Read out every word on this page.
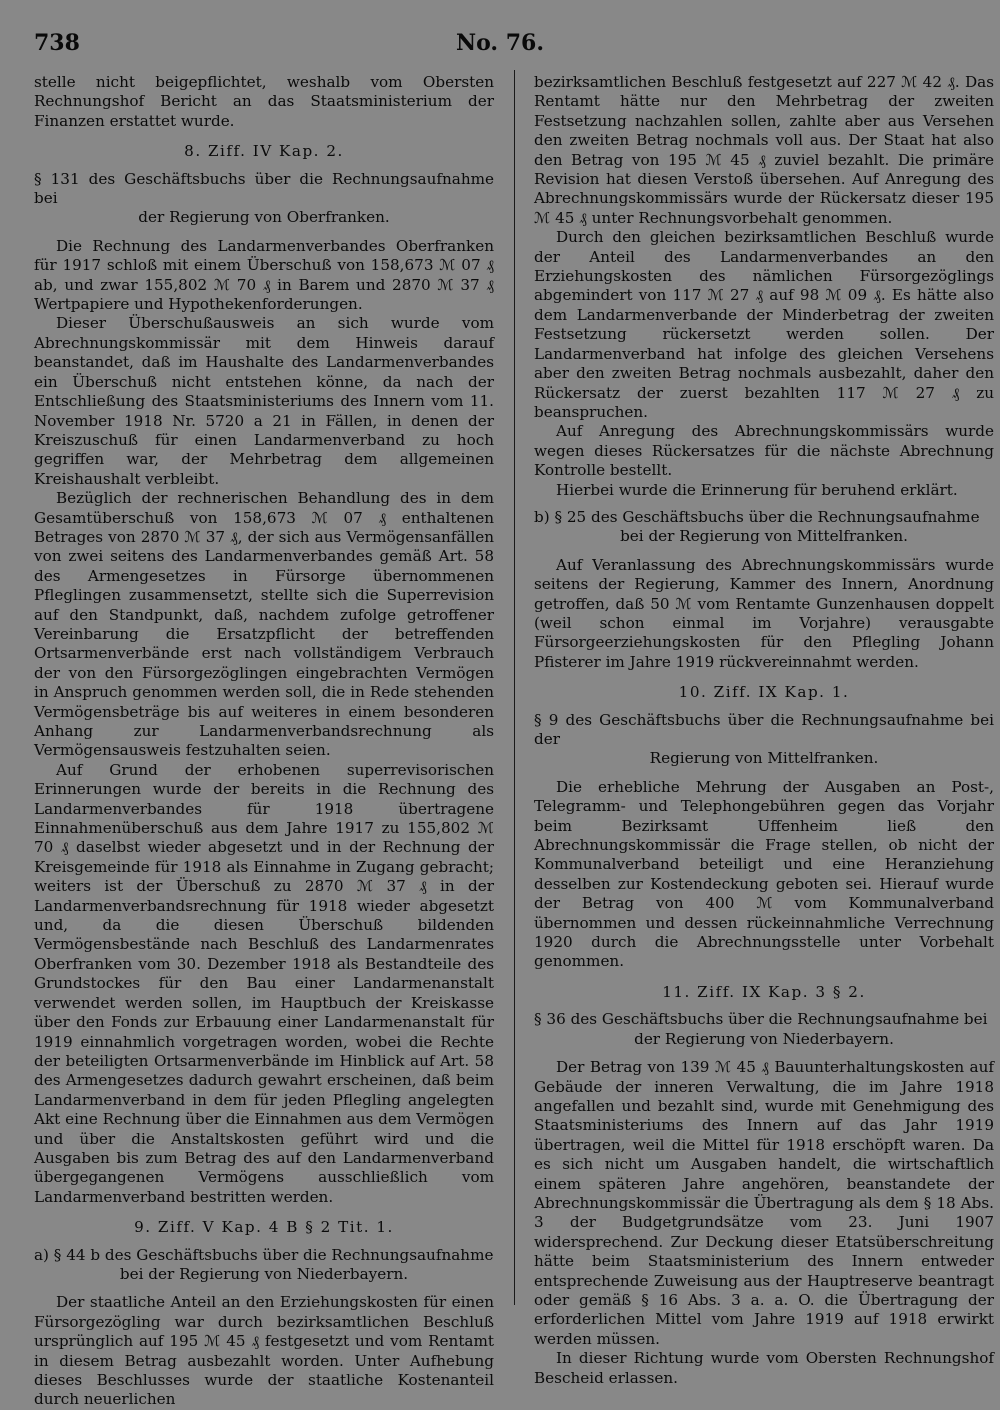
No. 76.
738

stelle nicht beigepflichtet, weshalb vom Obersten Rechnungshof Bericht an das Staatsministerium der Finanzen erstattet wurde.

8. Ziff. IV Kap. 2.
§ 131 des Geschäftsbuchs über die Rechnungsaufnahme bei
der Regierung von Oberfranken.

Die Rechnung des Landarmenverbandes Oberfranken für 1917 schloß mit einem Überschuß von 158,673 ℳ 07 ₰ ab, und zwar 155,802 ℳ 70 ₰ in Barem und 2870 ℳ 37 ₰ Wertpapiere und Hypothekenforderungen.

Dieser Überschußausweis an sich wurde vom Abrechnungskommissär mit dem Hinweis darauf beanstandet, daß im Haushalte des Landarmenverbandes ein Überschuß nicht entstehen könne, da nach der Entschließung des Staatsministeriums des Innern vom 11. November 1918 Nr. 5720 a 21 in Fällen, in denen der Kreiszuschuß für einen Landarmenverband zu hoch gegriffen war, der Mehrbetrag dem allgemeinen Kreishaushalt verbleibt.

Bezüglich der rechnerischen Behandlung des in dem Gesamtüberschuß von 158,673 ℳ 07 ₰ enthaltenen Betrages von 2870 ℳ 37 ₰, der sich aus Vermögensanfällen von zwei seitens des Landarmenverbandes gemäß Art. 58 des Armengesetzes in Fürsorge übernommenen Pfleglingen zusammensetzt, stellte sich die Superrevision auf den Standpunkt, daß, nachdem zufolge getroffener Vereinbarung die Ersatzpflicht der betreffenden Ortsarmenverbände erst nach vollständigem Verbrauch der von den Fürsorgezöglingen eingebrachten Vermögen in Anspruch genommen werden soll, die in Rede stehenden Vermögensbeträge bis auf weiteres in einem besonderen Anhang zur Landarmenverbandsrechnung als Vermögensausweis festzuhalten seien.

Auf Grund der erhobenen superrevisorischen Erinnerungen wurde der bereits in die Rechnung des Landarmenverbandes für 1918 übertragene Einnahmenüberschuß aus dem Jahre 1917 zu 155,802 ℳ 70 ₰ daselbst wieder abgesetzt und in der Rechnung der Kreisgemeinde für 1918 als Einnahme in Zugang gebracht; weiters ist der Überschuß zu 2870 ℳ 37 ₰ in der Landarmenverbandsrechnung für 1918 wieder abgesetzt und, da die diesen Überschuß bildenden Vermögensbestände nach Beschluß des Landarmenrates Oberfranken vom 30. Dezember 1918 als Bestandteile des Grundstockes für den Bau einer Landarmenanstalt verwendet werden sollen, im Hauptbuch der Kreiskasse über den Fonds zur Erbauung einer Landarmenanstalt für 1919 einnahmlich vorgetragen worden, wobei die Rechte der beteiligten Ortsarmenverbände im Hinblick auf Art. 58 des Armengesetzes dadurch gewahrt erscheinen, daß beim Landarmenverband in dem für jeden Pflegling angelegten Akt eine Rechnung über die Einnahmen aus dem Vermögen und über die Anstaltskosten geführt wird und die Ausgaben bis zum Betrag des auf den Landarmenverband übergegangenen Vermögens ausschließlich vom Landarmenverband bestritten werden.

9. Ziff. V Kap. 4 B § 2 Tit. 1.
a) § 44 b des Geschäftsbuchs über die Rechnungsaufnahme
bei der Regierung von Niederbayern.

Der staatliche Anteil an den Erziehungskosten für einen Fürsorgezögling war durch bezirksamtlichen Beschluß ursprünglich auf 195 ℳ 45 ₰ festgesetzt und vom Rentamt in diesem Betrag ausbezahlt worden. Unter Aufhebung dieses Beschlusses wurde der staatliche Kostenanteil durch neuerlichen

bezirksamtlichen Beschluß festgesetzt auf 227 ℳ 42 ₰. Das Rentamt hätte nur den Mehrbetrag der zweiten Festsetzung nachzahlen sollen, zahlte aber aus Versehen den zweiten Betrag nochmals voll aus. Der Staat hat also den Betrag von 195 ℳ 45 ₰ zuviel bezahlt. Die primäre Revision hat diesen Verstoß übersehen. Auf Anregung des Abrechnungskommissärs wurde der Rückersatz dieser 195 ℳ 45 ₰ unter Rechnungsvorbehalt genommen.

Durch den gleichen bezirksamtlichen Beschluß wurde der Anteil des Landarmenverbandes an den Erziehungskosten des nämlichen Fürsorgezöglings abgemindert von 117 ℳ 27 ₰ auf 98 ℳ 09 ₰. Es hätte also dem Landarmenverbande der Minderbetrag der zweiten Festsetzung rückersetzt werden sollen. Der Landarmenverband hat infolge des gleichen Versehens aber den zweiten Betrag nochmals ausbezahlt, daher den Rückersatz der zuerst bezahlten 117 ℳ 27 ₰ zu beanspruchen.

Auf Anregung des Abrechnungskommissärs wurde wegen dieses Rückersatzes für die nächste Abrechnung Kontrolle bestellt.

Hierbei wurde die Erinnerung für beruhend erklärt.

b) § 25 des Geschäftsbuchs über die Rechnungsaufnahme
bei der Regierung von Mittelfranken.

Auf Veranlassung des Abrechnungskommissärs wurde seitens der Regierung, Kammer des Innern, Anordnung getroffen, daß 50 ℳ vom Rentamte Gunzenhausen doppelt (weil schon einmal im Vorjahre) verausgabte Fürsorgeerziehungskosten für den Pflegling Johann Pfisterer im Jahre 1919 rückvereinnahmt werden.

10. Ziff. IX Kap. 1.
§ 9 des Geschäftsbuchs über die Rechnungsaufnahme bei der
Regierung von Mittelfranken.

Die erhebliche Mehrung der Ausgaben an Post-, Telegramm- und Telephongebühren gegen das Vorjahr beim Bezirksamt Uffenheim ließ den Abrechnungskommissär die Frage stellen, ob nicht der Kommunalverband beteiligt und eine Heranziehung desselben zur Kostendeckung geboten sei. Hierauf wurde der Betrag von 400 ℳ vom Kommunalverband übernommen und dessen rückeinnahmliche Verrechnung 1920 durch die Abrechnungsstelle unter Vorbehalt genommen.

11. Ziff. IX Kap. 3 § 2.
§ 36 des Geschäftsbuchs über die Rechnungsaufnahme bei
der Regierung von Niederbayern.

Der Betrag von 139 ℳ 45 ₰ Bauunterhaltungskosten auf Gebäude der inneren Verwaltung, die im Jahre 1918 angefallen und bezahlt sind, wurde mit Genehmigung des Staatsministeriums des Innern auf das Jahr 1919 übertragen, weil die Mittel für 1918 erschöpft waren. Da es sich nicht um Ausgaben handelt, die wirtschaftlich einem späteren Jahre angehören, beanstandete der Abrechnungskommissär die Übertragung als dem § 18 Abs. 3 der Budgetgrundsätze vom 23. Juni 1907 widersprechend. Zur Deckung dieser Etatsüberschreitung hätte beim Staatsministerium des Innern entweder entsprechende Zuweisung aus der Hauptreserve beantragt oder gemäß § 16 Abs. 3 a. a. O. die Übertragung der erforderlichen Mittel vom Jahre 1919 auf 1918 erwirkt werden müssen.

In dieser Richtung wurde vom Obersten Rechnungshof Bescheid erlassen.
